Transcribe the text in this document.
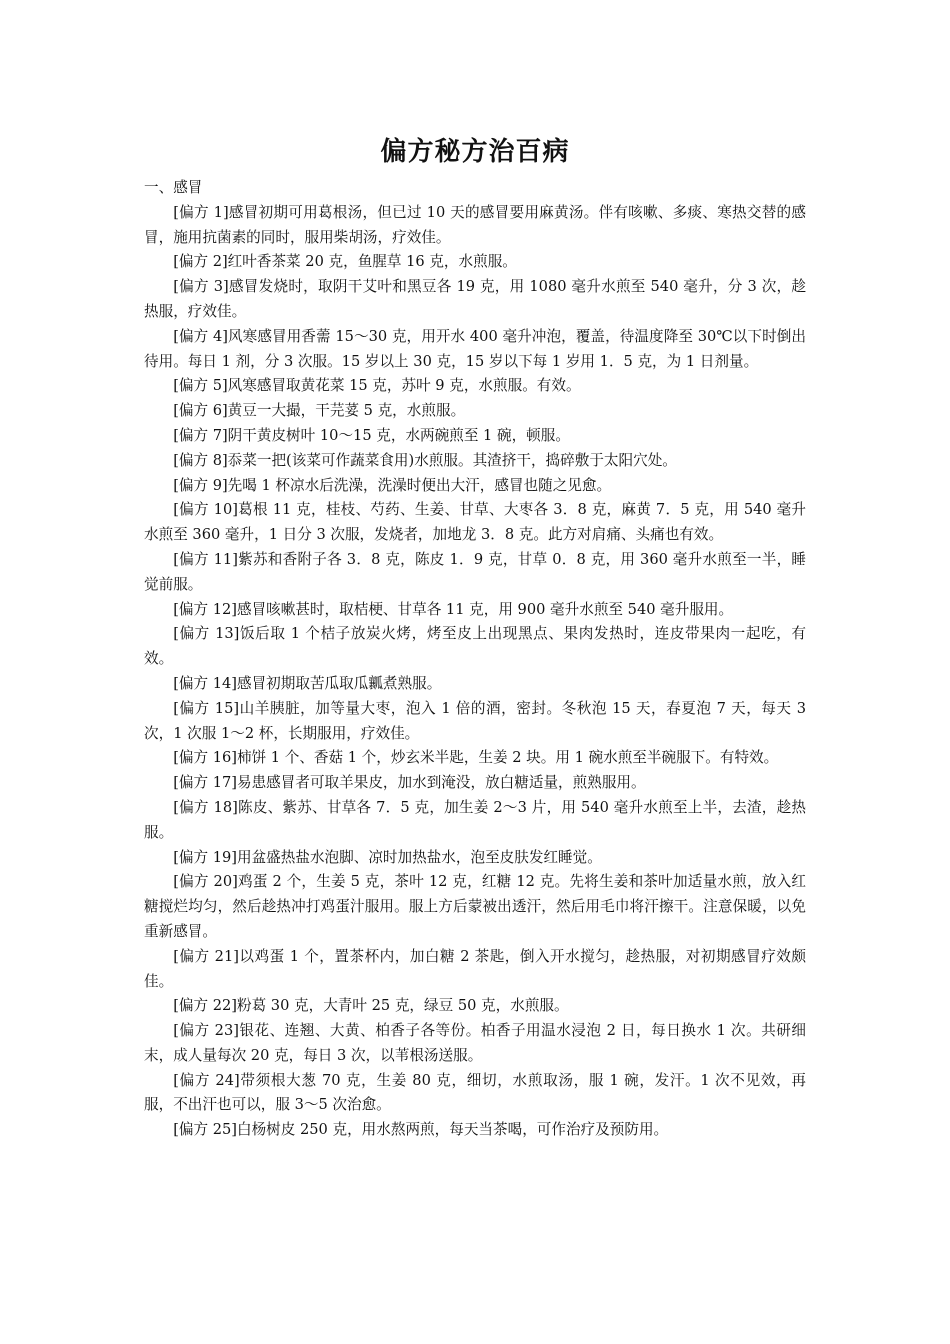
偏方秘方治百病

一、感冒

[偏方 1]感冒初期可用葛根汤，但已过 10 天的感冒要用麻黄汤。伴有咳嗽、多痰、寒热交替的感冒，施用抗菌素的同时，服用柴胡汤，疗效佳。

[偏方 2]红叶香茶菜 20 克，鱼腥草 16 克，水煎服。

[偏方 3]感冒发烧时，取阴干艾叶和黑豆各 19 克，用 1080 毫升水煎至 540 毫升，分 3 次，趁热服，疗效佳。

[偏方 4]风寒感冒用香薷 15～30 克，用开水 400 毫升冲泡，覆盖，待温度降至 30℃以下时倒出待用。每日 1 剂，分 3 次服。15 岁以上 30 克，15 岁以下每 1 岁用 1．5 克，为 1 日剂量。

[偏方 5]风寒感冒取黄花菜 15 克，苏叶 9 克，水煎服。有效。

[偏方 6]黄豆一大撮，干芫荽 5 克，水煎服。

[偏方 7]阴干黄皮树叶 10～15 克，水两碗煎至 1 碗，顿服。

[偏方 8]忝菜一把(该菜可作蔬菜食用)水煎服。其渣挤干，捣碎敷于太阳穴处。

[偏方 9]先喝 1 杯凉水后洗澡，洗澡时便出大汗，感冒也随之见愈。

[偏方 10]葛根 11 克，桂枝、芍药、生姜、甘草、大枣各 3．8 克，麻黄 7．5 克，用 540 毫升水煎至 360 毫升，1 日分 3 次服，发烧者，加地龙 3．8 克。此方对肩痛、头痛也有效。

[偏方 11]紫苏和香附子各 3．8 克，陈皮 1．9 克，甘草 0．8 克，用 360 毫升水煎至一半，睡觉前服。

[偏方 12]感冒咳嗽甚时，取桔梗、甘草各 11 克，用 900 毫升水煎至 540 毫升服用。

[偏方 13]饭后取 1 个桔子放炭火烤，烤至皮上出现黑点、果肉发热时，连皮带果肉一起吃，有效。

[偏方 14]感冒初期取苦瓜取瓜瓤煮熟服。

[偏方 15]山羊胰脏，加等量大枣，泡入 1 倍的酒，密封。冬秋泡 15 天，春夏泡 7 天，每天 3 次，1 次服 1～2 杯，长期服用，疗效佳。

[偏方 16]柿饼 1 个、香菇 1 个，炒玄米半匙，生姜 2 块。用 1 碗水煎至半碗服下。有特效。

[偏方 17]易患感冒者可取羊果皮，加水到淹没，放白糖适量，煎熟服用。

[偏方 18]陈皮、紫苏、甘草各 7．5 克，加生姜 2～3 片，用 540 毫升水煎至上半，去渣，趁热服。

[偏方 19]用盆盛热盐水泡脚、凉时加热盐水，泡至皮肤发红睡觉。

[偏方 20]鸡蛋 2 个，生姜 5 克，茶叶 12 克，红糖 12 克。先将生姜和茶叶加适量水煎，放入红糖搅烂均匀，然后趁热冲打鸡蛋汁服用。服上方后蒙被出透汗，然后用毛巾将汗擦干。注意保暖，以免重新感冒。

[偏方 21]以鸡蛋 1 个，置茶杯内，加白糖 2 茶匙，倒入开水搅匀，趁热服，对初期感冒疗效颇佳。

[偏方 22]粉葛 30 克，大青叶 25 克，绿豆 50 克，水煎服。

[偏方 23]银花、连翘、大黄、柏香子各等份。柏香子用温水浸泡 2 日，每日换水 1 次。共研细末，成人量每次 20 克，每日 3 次，以苇根汤送服。

[偏方 24]带须根大葱 70 克，生姜 80 克，细切，水煎取汤，服 1 碗，发汗。1 次不见效，再服，不出汗也可以，服 3～5 次治愈。

[偏方 25]白杨树皮 250 克，用水熬两煎，每天当茶喝，可作治疗及预防用。
